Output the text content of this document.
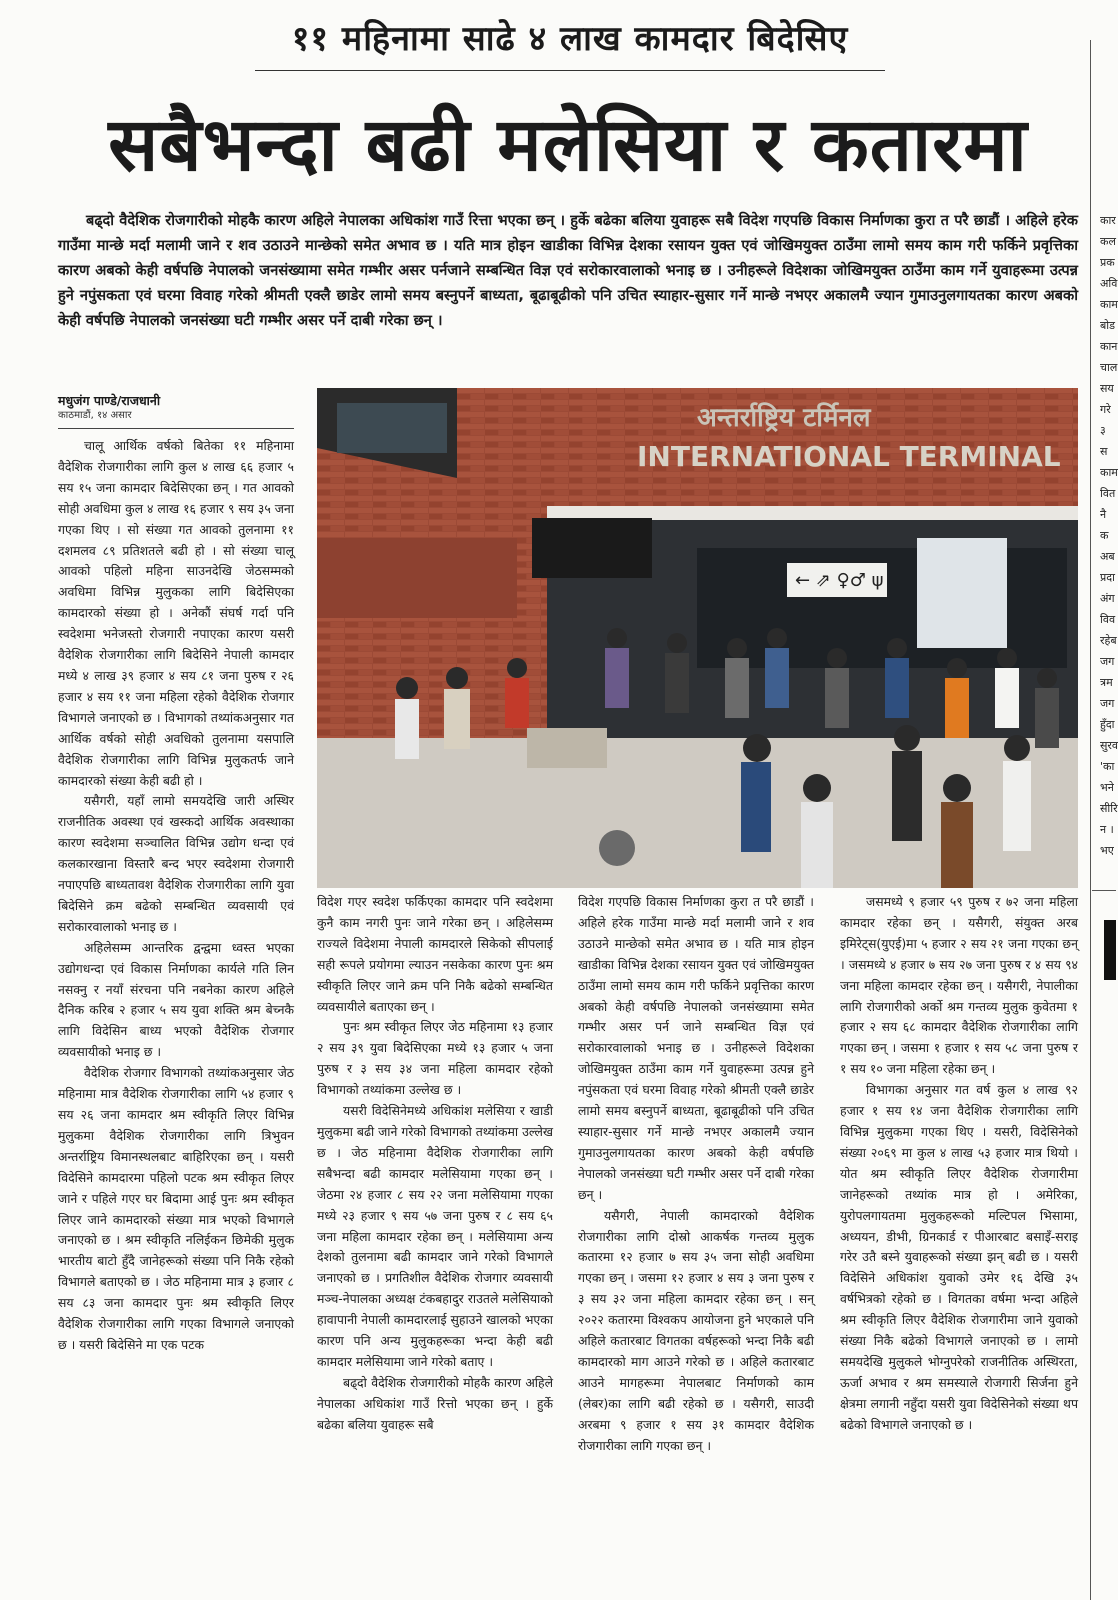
११ महिनामा साढे ४ लाख कामदार बिदेसिए
सबैभन्दा बढी मलेसिया र कतारमा

बढ्दो वैदेशिक रोजगारीको मोहकै कारण अहिले नेपालका अधिकांश गाउँ रित्ता भएका छन् । हुर्के बढेका बलिया युवाहरू सबै विदेश गएपछि विकास निर्माणका कुरा त परै छाडौं । अहिले हरेक गाउँमा मान्छे मर्दा मलामी जाने र शव उठाउने मान्छेको समेत अभाव छ । यति मात्र होइन खाडीका विभिन्न देशका रसायन युक्त एवं जोखिमयुक्त ठाउँमा लामो समय काम गरी फर्किने प्रवृत्तिका कारण अबको केही वर्षपछि नेपालको जनसंख्यामा समेत गम्भीर असर पर्नजाने सम्बन्धित विज्ञ एवं सरोकारवालाको भनाइ छ । उनीहरूले विदेशका जोखिमयुक्त ठाउँमा काम गर्ने युवाहरूमा उत्पन्न हुने नपुंसकता एवं घरमा विवाह गरेको श्रीमती एक्लै छाडेर लामो समय बस्नुपर्ने बाध्यता, बूढाबूढीको पनि उचित स्याहार-सुसार गर्ने मान्छे नभएर अकालमै ज्यान गुमाउनुलगायतका कारण अबको केही वर्षपछि नेपालको जनसंख्या घटी गम्भीर असर पर्ने दाबी गरेका छन् ।

मधुजंग पाण्डे/राजधानी
काठमाडौं, १४ असार

चालू आर्थिक वर्षको बितेका ११ महिनामा वैदेशिक रोजगारीका लागि कुल ४ लाख ६६ हजार ५ सय १५ जना कामदार बिदेसिएका छन् । गत आवको सोही अवधिमा कुल ४ लाख १६ हजार ९ सय ३५ जना गएका थिए । सो संख्या गत आवको तुलनामा ११ दशमलव ८९ प्रतिशतले बढी हो । सो संख्या चालू आवको पहिलो महिना साउनदेखि जेठसम्मको अवधिमा विभिन्न मुलुकका लागि बिदेसिएका कामदारको संख्या हो । अनेकौं संघर्ष गर्दा पनि स्वदेशमा भनेजस्तो रोजगारी नपाएका कारण यसरी वैदेशिक रोजगारीका लागि बिदेसिने नेपाली कामदार मध्ये ४ लाख ३९ हजार ४ सय ८१ जना पुरुष र २६ हजार ४ सय ११ जना महिला रहेको वैदेशिक रोजगार विभागले जनाएको छ । विभागको तथ्यांकअनुसार गत आर्थिक वर्षको सोही अवधिको तुलनामा यसपालि वैदेशिक रोजगारीका लागि विभिन्न मुलुकतर्फ जाने कामदारको संख्या केही बढी हो ।

यसैगरी, यहाँ लामो समयदेखि जारी अस्थिर राजनीतिक अवस्था एवं खस्कदो आर्थिक अवस्थाका कारण स्वदेशमा सञ्चालित विभिन्न उद्योग धन्दा एवं कलकारखाना विस्तारै बन्द भएर स्वदेशमा रोजगारी नपाएपछि बाध्यतावश वैदेशिक रोजगारीका लागि युवा बिदेसिने क्रम बढेको सम्बन्धित व्यवसायी एवं सरोकारवालाको भनाइ छ ।

अहिलेसम्म आन्तरिक द्वन्द्वमा ध्वस्त भएका उद्योगधन्दा एवं विकास निर्माणका कार्यले गति लिन नसक्नु र नयाँ संरचना पनि नबनेका कारण अहिले दैनिक करिब २ हजार ५ सय युवा शक्ति श्रम बेच्नकै लागि विदेसिन बाध्य भएको वैदेशिक रोजगार व्यवसायीको भनाइ छ ।

वैदेशिक रोजगार विभागको तथ्यांकअनुसार जेठ महिनामा मात्र वैदेशिक रोजगारीका लागि ५४ हजार ९ सय २६ जना कामदार श्रम स्वीकृति लिएर विभिन्न मुलुकमा वैदेशिक रोजगारीका लागि त्रिभुवन अन्तर्राष्ट्रिय विमानस्थलबाट बाहिरिएका छन् । यसरी विदेसिने कामदारमा पहिलो पटक श्रम स्वीकृत लिएर जाने र पहिले गएर घर बिदामा आई पुनः श्रम स्वीकृत लिएर जाने कामदारको संख्या मात्र भएको विभागले जनाएको छ । श्रम स्वीकृति नलिईकन छिमेकी मुलुक भारतीय बाटो हुँदै जानेहरूको संख्या पनि निकै रहेको विभागले बताएको छ । जेठ महिनामा मात्र ३ हजार ८ सय ८३ जना कामदार पुनः श्रम स्वीकृति लिएर वैदेशिक रोजगारीका लागि गएका विभागले जनाएको छ । यसरी बिदेसिने मा एक पटक

अन्तर्राष्ट्रिय टर्मिनल
INTERNATIONAL TERMINAL
← ⇗ ♀♂ ψ

विदेश गएर स्वदेश फर्किएका कामदार पनि स्वदेशमा कुनै काम नगरी पुनः जाने गरेका छन् । अहिलेसम्म राज्यले विदेशमा नेपाली कामदारले सिकेको सीपलाई सही रूपले प्रयोगमा ल्याउन नसकेका कारण पुनः श्रम स्वीकृति लिएर जाने क्रम पनि निकै बढेको सम्बन्धित व्यवसायीले बताएका छन् ।

पुनः श्रम स्वीकृत लिएर जेठ महिनामा १३ हजार २ सय ३९ युवा बिदेसिएका मध्ये १३ हजार ५ जना पुरुष र ३ सय ३४ जना महिला कामदार रहेको विभागको तथ्यांकमा उल्लेख छ ।

यसरी विदेसिनेमध्ये अधिकांश मलेसिया र खाडी मुलुकमा बढी जाने गरेको विभागको तथ्यांकमा उल्लेख छ । जेठ महिनामा वैदेशिक रोजगारीका लागि सबैभन्दा बढी कामदार मलेसियामा गएका छन् । जेठमा २४ हजार ८ सय २२ जना मलेसियामा गएका मध्ये २३ हजार ९ सय ५७ जना पुरुष र ८ सय ६५ जना महिला कामदार रहेका छन् । मलेसियामा अन्य देशको तुलनामा बढी कामदार जाने गरेको विभागले जनाएको छ । प्रगतिशील वैदेशिक रोजगार व्यवसायी मञ्च-नेपालका अध्यक्ष टंकबहादुर राउतले मलेसियाको हावापानी नेपाली कामदारलाई सुहाउने खालको भएका कारण पनि अन्य मुलुकहरूका भन्दा केही बढी कामदार मलेसियामा जाने गरेको बताए ।

बढ्दो वैदेशिक रोजगारीको मोहकै कारण अहिले नेपालका अधिकांश गाउँ रित्तो भएका छन् । हुर्के बढेका बलिया युवाहरू सबै

विदेश गएपछि विकास निर्माणका कुरा त परै छाडौं । अहिले हरेक गाउँमा मान्छे मर्दा मलामी जाने र शव उठाउने मान्छेको समेत अभाव छ । यति मात्र होइन खाडीका विभिन्न देशका रसायन युक्त एवं जोखिमयुक्त ठाउँमा लामो समय काम गरी फर्किने प्रवृत्तिका कारण अबको केही वर्षपछि नेपालको जनसंख्यामा समेत गम्भीर असर पर्न जाने सम्बन्धित विज्ञ एवं सरोकारवालाको भनाइ छ । उनीहरूले विदेशका जोखिमयुक्त ठाउँमा काम गर्ने युवाहरूमा उत्पन्न हुने नपुंसकता एवं घरमा विवाह गरेको श्रीमती एक्लै छाडेर लामो समय बस्नुपर्ने बाध्यता, बूढाबूढीको पनि उचित स्याहार-सुसार गर्ने मान्छे नभएर अकालमै ज्यान गुमाउनुलगायतका कारण अबको केही वर्षपछि नेपालको जनसंख्या घटी गम्भीर असर पर्ने दाबी गरेका छन् ।

यसैगरी, नेपाली कामदारको वैदेशिक रोजगारीका लागि दोस्रो आकर्षक गन्तव्य मुलुक कतारमा १२ हजार ७ सय ३५ जना सोही अवधिमा गएका छन् । जसमा १२ हजार ४ सय ३ जना पुरुष र ३ सय ३२ जना महिला कामदार रहेका छन् । सन् २०२२ कतारमा विश्वकप आयोजना हुने भएकाले पनि अहिले कतारबाट विगतका वर्षहरूको भन्दा निकै बढी कामदारको माग आउने गरेको छ । अहिले कतारबाट आउने मागहरूमा नेपालबाट निर्माणको काम (लेबर)का लागि बढी रहेको छ । यसैगरी, साउदी अरबमा ९ हजार १ सय ३१ कामदार वैदेशिक रोजगारीका लागि गएका छन् ।

जसमध्ये ९ हजार ५९ पुरुष र ७२ जना महिला कामदार रहेका छन् । यसैगरी, संयुक्त अरब इमिरेट्स(युएई)मा ५ हजार २ सय २१ जना गएका छन् । जसमध्ये ४ हजार ७ सय २७ जना पुरुष र ४ सय ९४ जना महिला कामदार रहेका छन् । यसैगरी, नेपालीका लागि रोजगारीको अर्को श्रम गन्तव्य मुलुक कुवेतमा १ हजार २ सय ६८ कामदार वैदेशिक रोजगारीका लागि गएका छन् । जसमा १ हजार १ सय ५८ जना पुरुष र १ सय १० जना महिला रहेका छन् ।

विभागका अनुसार गत वर्ष कुल ४ लाख ९२ हजार १ सय १४ जना वैदेशिक रोजगारीका लागि विभिन्न मुलुकमा गएका थिए । यसरी, विदेसिनेको संख्या २०६९ मा कुल ४ लाख ५३ हजार मात्र थियो । योत श्रम स्वीकृति लिएर वैदेशिक रोजगारीमा जानेहरूको तथ्यांक मात्र हो । अमेरिका, युरोपलगायतमा मुलुकहरूको मल्टिपल भिसामा, अध्ययन, डीभी, ग्रिनकार्ड र पीआरबाट बसाइँ-सराइ गरेर उतै बस्ने युवाहरूको संख्या झन् बढी छ । यसरी विदेसिने अधिकांश युवाको उमेर १६ देखि ३५ वर्षभित्रको रहेको छ । विगतका वर्षमा भन्दा अहिले श्रम स्वीकृति लिएर वैदेशिक रोजगारीमा जाने युवाको संख्या निकै बढेको विभागले जनाएको छ । लामो समयदेखि मुलुकले भोग्नुपरेको राजनीतिक अस्थिरता, ऊर्जा अभाव र श्रम समस्याले रोजगारी सिर्जना हुने क्षेत्रमा लगानी नहुँदा यसरी युवा विदेसिनेको संख्या थप बढेको विभागले जनाएको छ ।

कार कल प्रक अवि काम बोड कान चाल सय गरे ३ स काम वित नै क अब प्रदा अंग विव रहेब जग त्रम जग हुँदा सुरव 'का भने सीरि न । भए
